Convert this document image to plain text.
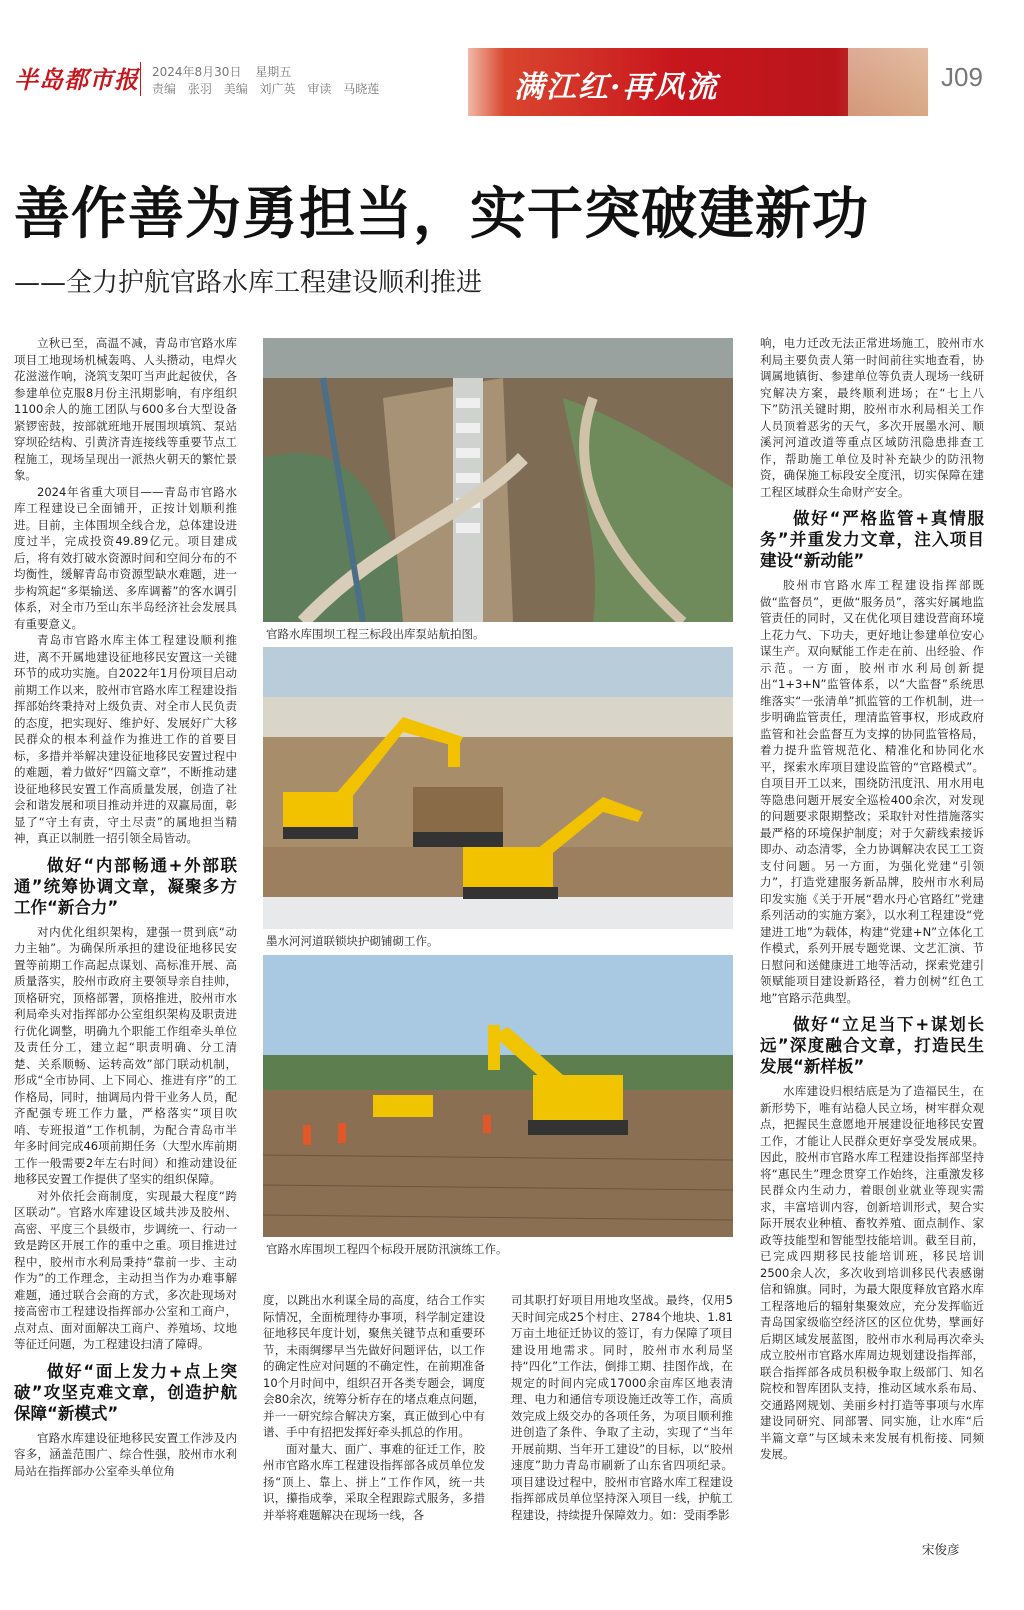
半岛都市报 2024年8月30日 星期五
责编 张羽 美编 刘广英 审读 马晓莲	满江红·再风流	J09
善作善为勇担当，实干突破建新功
——全力护航官路水库工程建设顺利推进

立秋已至，高温不减，青岛市官路水库项目工地现场机械轰鸣、人头攒动，电焊火花滋滋作响，浇筑支架叮当声此起彼伏，各参建单位克服8月份主汛期影响，有序组织1100余人的施工团队与600多台大型设备紧锣密鼓，按部就班地开展围坝填筑、泵站穿坝砼结构、引黄济青连接线等重要节点工程施工，现场呈现出一派热火朝天的繁忙景象。

2024年省重大项目——青岛市官路水库工程建设已全面铺开，正按计划顺利推进。目前，主体围坝全线合龙，总体建设进度过半，完成投资49.89亿元。项目建成后，将有效打破水资源时间和空间分布的不均衡性，缓解青岛市资源型缺水难题，进一步构筑起“多渠输送、多库调蓄”的客水调引体系，对全市乃至山东半岛经济社会发展具有重要意义。

青岛市官路水库主体工程建设顺利推进，离不开属地建设征地移民安置这一关键环节的成功实施。自2022年1月份项目启动前期工作以来，胶州市官路水库工程建设指挥部始终秉持对上级负责、对全市人民负责的态度，把实现好、维护好、发展好广大移民群众的根本利益作为推进工作的首要目标，多措并举解决建设征地移民安置过程中的难题，着力做好“四篇文章”，不断推动建设征地移民安置工作高质量发展，创造了社会和谐发展和项目推动并进的双赢局面，彰显了“守土有责，守土尽责”的属地担当精神，真正以制胜一招引领全局皆动。

做好“内部畅通+外部联通”统筹协调文章，凝聚多方工作“新合力”

对内优化组织架构，建强一贯到底“动力主轴”。为确保所承担的建设征地移民安置等前期工作高起点谋划、高标准开展、高质量落实，胶州市政府主要领导亲自挂帅，顶格研究，顶格部署，顶格推进，胶州市水利局牵头对指挥部办公室组织架构及职责进行优化调整，明确九个职能工作组牵头单位及责任分工，建立起“职责明确、分工清楚、关系顺畅、运转高效”部门联动机制，形成“全市协同、上下同心、推进有序”的工作格局，同时，抽调局内骨干业务人员，配齐配强专班工作力量，严格落实“项目吹哨、专班报道”工作机制，为配合青岛市半年多时间完成46项前期任务（大型水库前期工作一般需要2年左右时间）和推动建设征地移民安置工作提供了坚实的组织保障。

对外依托会商制度，实现最大程度“跨区联动”。官路水库建设区域共涉及胶州、高密、平度三个县级市，步调统一、行动一致是跨区开展工作的重中之重。项目推进过程中，胶州市水利局秉持“靠前一步、主动作为”的工作理念，主动担当作为办难事解难题，通过联合会商的方式，多次赴现场对接高密市工程建设指挥部办公室和工商户，点对点、面对面解决工商户、养殖场、坟地等征迁问题，为工程建设扫清了障碍。

做好“面上发力+点上突破”攻坚克难文章，创造护航保障“新模式”

官路水库建设征地移民安置工作涉及内容多，涵盖范围广、综合性强，胶州市水利局站在指挥部办公室牵头单位角

官路水库围坝工程三标段出库泵站航拍图。
墨水河河道联锁块护砌铺砌工作。
官路水库围坝工程四个标段开展防汛演练工作。

度，以跳出水利谋全局的高度，结合工作实际情况，全面梳理待办事项，科学制定建设征地移民年度计划，聚焦关键节点和重要环节，未雨绸缪早当先做好问题评估，以工作的确定性应对问题的不确定性，在前期准备10个月时间中，组织召开各类专题会，调度会80余次，统筹分析存在的堵点难点问题，并一一研究综合解决方案，真正做到心中有谱、手中有招把发挥好牵头抓总的作用。

面对量大、面广、事难的征迁工作，胶州市官路水库工程建设指挥部各成员单位发扬“顶上、靠上、拼上”工作作风，统一共识，攥指成拳，采取全程跟踪式服务，多措并举将难题解决在现场一线，各

司其职打好项目用地攻坚战。最终，仅用5天时间完成25个村庄、2784个地块、1.81万亩土地征迁协议的签订，有力保障了项目建设用地需求。同时，胶州市水利局坚持“四化”工作法，倒排工期、挂图作战，在规定的时间内完成17000余亩库区地表清理、电力和通信专项设施迁改等工作，高质效完成上级交办的各项任务，为项目顺利推进创造了条件、争取了主动，实现了“当年开展前期、当年开工建设”的目标，以“胶州速度”助力青岛市刷新了山东省四项纪录。项目建设过程中，胶州市官路水库工程建设指挥部成员单位坚持深入项目一线，护航工程建设，持续提升保障效力。如：受雨季影

响，电力迁改无法正常进场施工，胶州市水利局主要负责人第一时间前往实地查看，协调属地镇街、参建单位等负责人现场一线研究解决方案，最终顺利进场；在“七上八下”防汛关键时期，胶州市水利局相关工作人员顶着恶劣的天气，多次开展墨水河、顺溪河河道改道等重点区域防汛隐患排查工作，帮助施工单位及时补充缺少的防汛物资，确保施工标段安全度汛，切实保障在建工程区域群众生命财产安全。

做好“严格监管+真情服务”并重发力文章，注入项目建设“新动能”

胶州市官路水库工程建设指挥部既做“监督员”，更做“服务员”，落实好属地监管责任的同时，又在优化项目建设营商环境上花力气、下功夫，更好地让参建单位安心谋生产。双向赋能工作走在前、出经验、作示范。一方面，胶州市水利局创新提出“1+3+N”监管体系，以“大监督”系统思维落实“一张清单”抓监管的工作机制，进一步明确监管责任，理清监管事权，形成政府监管和社会监督互为支撑的协同监管格局，着力提升监管规范化、精准化和协同化水平，探索水库项目建设监管的“官路模式”。自项目开工以来，围绕防汛度汛、用水用电等隐患问题开展安全巡检400余次，对发现的问题要求限期整改；采取针对性措施落实最严格的环境保护制度；对于欠薪线索接诉即办、动态清零，全力协调解决农民工工资支付问题。另一方面，为强化党建“引领力”，打造党建服务新品牌，胶州市水利局印发实施《关于开展“碧水丹心官路红”党建系列活动的实施方案》，以水利工程建设“党建进工地”为载体，构建“党建+N”立体化工作模式，系列开展专题党课、文艺汇演、节日慰问和送健康进工地等活动，探索党建引领赋能项目建设新路径，着力创树“红色工地”官路示范典型。

做好“立足当下+谋划长远”深度融合文章，打造民生发展“新样板”

水库建设归根结底是为了造福民生，在新形势下，唯有站稳人民立场，树牢群众观点，把握民生意愿地开展建设征地移民安置工作，才能让人民群众更好享受发展成果。因此，胶州市官路水库工程建设指挥部坚持将“惠民生”理念贯穿工作始终，注重激发移民群众内生动力，着眼创业就业等现实需求，丰富培训内容，创新培训形式，契合实际开展农业种植、畜牧养殖、面点制作、家政等技能型和智能型技能培训。截至目前，已完成四期移民技能培训班，移民培训2500余人次，多次收到培训移民代表感谢信和锦旗。同时，为最大限度释放官路水库工程落地后的辐射集聚效应，充分发挥临近青岛国家级临空经济区的区位优势，擘画好后期区域发展蓝图，胶州市水利局再次牵头成立胶州市官路水库周边规划建设指挥部，联合指挥部各成员积极争取上级部门、知名院校和智库团队支持，推动区域水系布局、交通路网规划、美丽乡村打造等事项与水库建设同研究、同部署、同实施，让水库“后半篇文章”与区域未来发展有机衔接、同频发展。

宋俊彦
